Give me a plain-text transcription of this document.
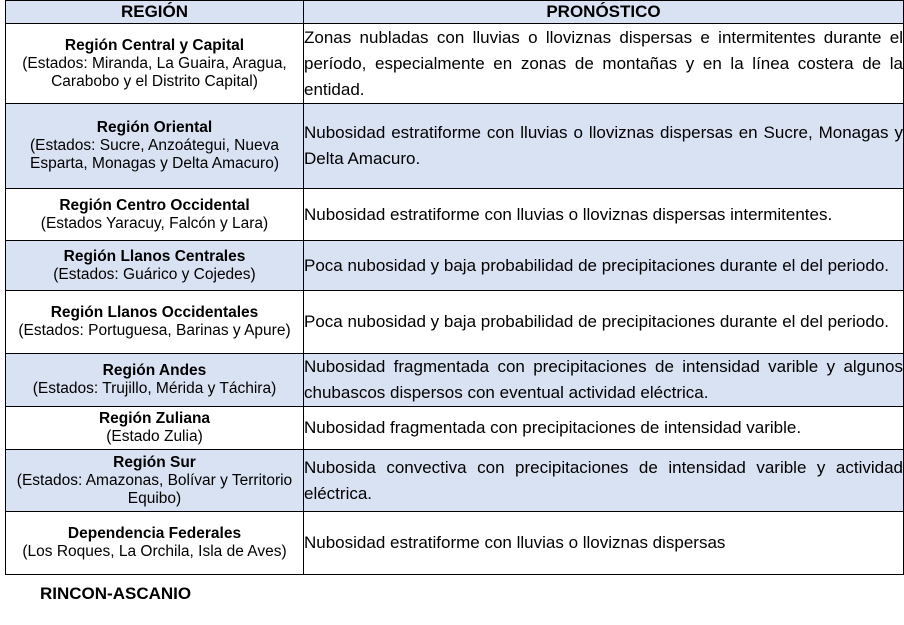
REGIÓN	PRONÓSTICO

Región Central y Capital
(Estados: Miranda, La Guaira, Aragua, Carabobo y el Distrito Capital)	Zonas nubladas con lluvias o lloviznas dispersas e intermitentes durante el período, especialmente en zonas de montañas y en la línea costera de la entidad.

Región Oriental
(Estados: Sucre, Anzoátegui, Nueva Esparta, Monagas y Delta Amacuro)	Nubosidad estratiforme con lluvias o lloviznas dispersas en Sucre, Monagas y Delta Amacuro.

Región Centro Occidental
(Estados Yaracuy, Falcón y Lara)	Nubosidad estratiforme con lluvias o lloviznas dispersas intermitentes.

Región Llanos Centrales
(Estados: Guárico y Cojedes)	Poca nubosidad y baja probabilidad de precipitaciones durante el del periodo.

Región Llanos Occidentales
(Estados: Portuguesa, Barinas y Apure)	Poca nubosidad y baja probabilidad de precipitaciones durante el del periodo.

Región Andes
(Estados: Trujillo, Mérida y Táchira)	Nubosidad fragmentada con precipitaciones de intensidad varible y algunos chubascos dispersos con eventual actividad eléctrica.

Región Zuliana
(Estado Zulia)	Nubosidad fragmentada con precipitaciones de intensidad varible.

Región Sur
(Estados: Amazonas, Bolívar y Territorio Equibo)	Nubosida convectiva con precipitaciones de intensidad varible y actividad eléctrica.

Dependencia Federales
(Los Roques, La Orchila, Isla de Aves)	Nubosidad estratiforme con lluvias o lloviznas dispersas
RINCON-ASCANIO
